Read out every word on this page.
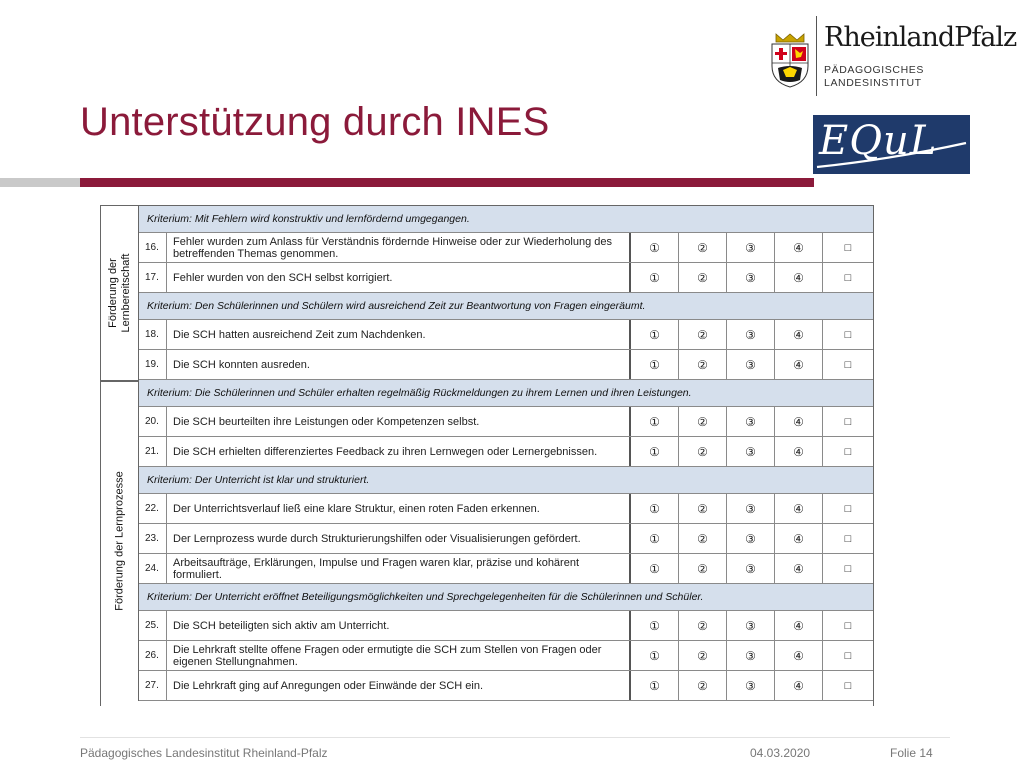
Unterstützung durch INES
RheinlandPfalz
PÄDAGOGISCHES
LANDESINSTITUT
EQuL
Kriterium: Mit Fehlern wird konstruktiv und lernfördernd umgegangen.
16.	Fehler wurden zum Anlass für Verständnis fördernde Hinweise oder zur Wiederholung des betreffenden Themas genommen.	①	②	③	④	□
17.	Fehler wurden von den SCH selbst korrigiert.	①	②	③	④	□
Kriterium: Den Schülerinnen und Schülern wird ausreichend Zeit zur Beantwortung von Fragen eingeräumt.
18.	Die SCH hatten ausreichend Zeit zum Nachdenken.	①	②	③	④	□
19.	Die SCH konnten ausreden.	①	②	③	④	□
Förderung der Lernbereitschaft
Kriterium: Die Schülerinnen und Schüler erhalten regelmäßig Rückmeldungen zu ihrem Lernen und ihren Leistungen.
20.	Die SCH beurteilten ihre Leistungen oder Kompetenzen selbst.	①	②	③	④	□
21.	Die SCH erhielten differenziertes Feedback zu ihren Lernwegen oder Lernergebnissen.	①	②	③	④	□
Kriterium: Der Unterricht ist klar und strukturiert.
22.	Der Unterrichtsverlauf ließ eine klare Struktur, einen roten Faden erkennen.	①	②	③	④	□
23.	Der Lernprozess wurde durch Strukturierungshilfen oder Visualisierungen gefördert.	①	②	③	④	□
24.	Arbeitsaufträge, Erklärungen, Impulse und Fragen waren klar, präzise und kohärent formuliert.	①	②	③	④	□
Kriterium: Der Unterricht eröffnet Beteiligungsmöglichkeiten und Sprechgelegenheiten für die Schülerinnen und Schüler.
25.	Die SCH beteiligten sich aktiv am Unterricht.	①	②	③	④	□
26.	Die Lehrkraft stellte offene Fragen oder ermutigte die SCH zum Stellen von Fragen oder eigenen Stellungnahmen.	①	②	③	④	□
27.	Die Lehrkraft ging auf Anregungen oder Einwände der SCH ein.	①	②	③	④	□
Förderung der Lernprozesse
Pädagogisches Landesinstitut Rheinland-Pfalz	04.03.2020	Folie 14
